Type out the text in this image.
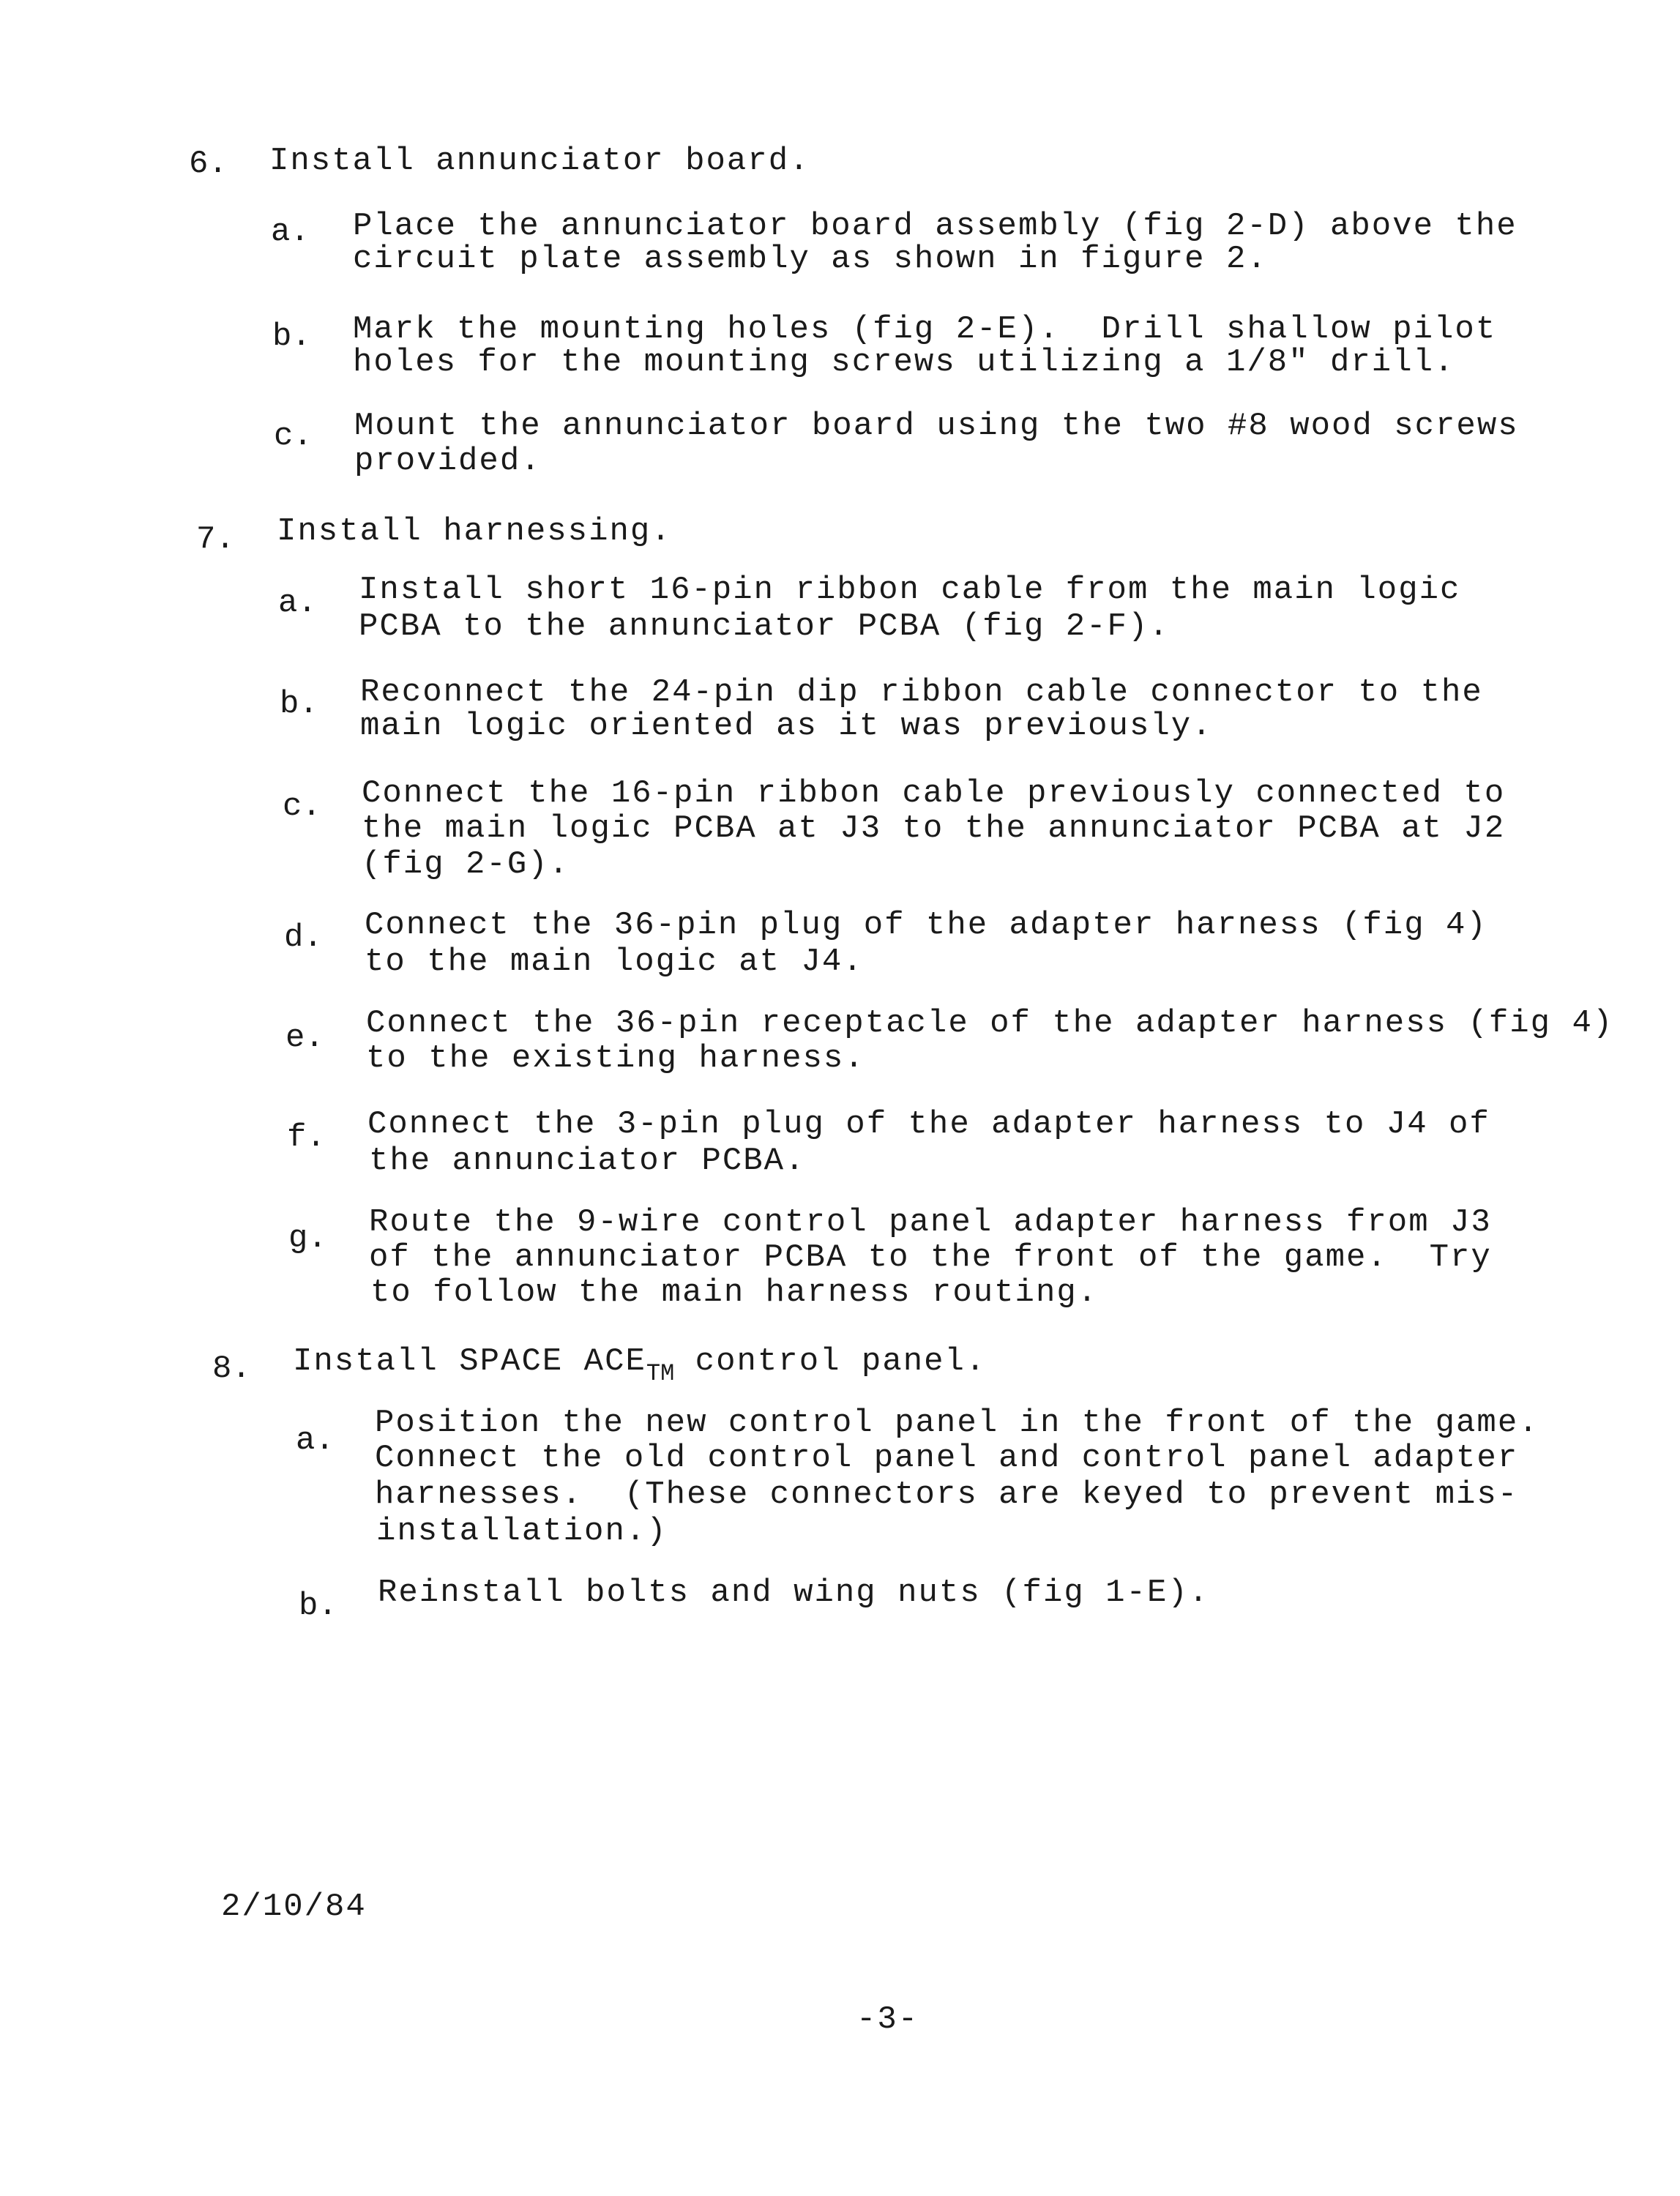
6. Install annunciator board.
a. Place the annunciator board assembly (fig 2-D) above the
circuit plate assembly as shown in figure 2.
b. Mark the mounting holes (fig 2-E).  Drill shallow pilot
holes for the mounting screws utilizing a 1/8" drill.
c. Mount the annunciator board using the two #8 wood screws
provided.
7. Install harnessing.
a. Install short 16-pin ribbon cable from the main logic
PCBA to the annunciator PCBA (fig 2-F).
b. Reconnect the 24-pin dip ribbon cable connector to the
main logic oriented as it was previously.
c. Connect the 16-pin ribbon cable previously connected to
the main logic PCBA at J3 to the annunciator PCBA at J2
(fig 2-G).
d. Connect the 36-pin plug of the adapter harness (fig 4)
to the main logic at J4.
e. Connect the 36-pin receptacle of the adapter harness (fig 4)
to the existing harness.
f. Connect the 3-pin plug of the adapter harness to J4 of
the annunciator PCBA.
g. Route the 9-wire control panel adapter harness from J3
of the annunciator PCBA to the front of the game.  Try
to follow the main harness routing.
8. Install SPACE $ACE_{TM}$ control panel.
a. Position the new control panel in the front of the game.
Connect the old control panel and control panel adapter
harnesses.  (These connectors are keyed to prevent mis-
installation.)
b. Reinstall bolts and wing nuts (fig 1-E).
2/10/84
-3-
